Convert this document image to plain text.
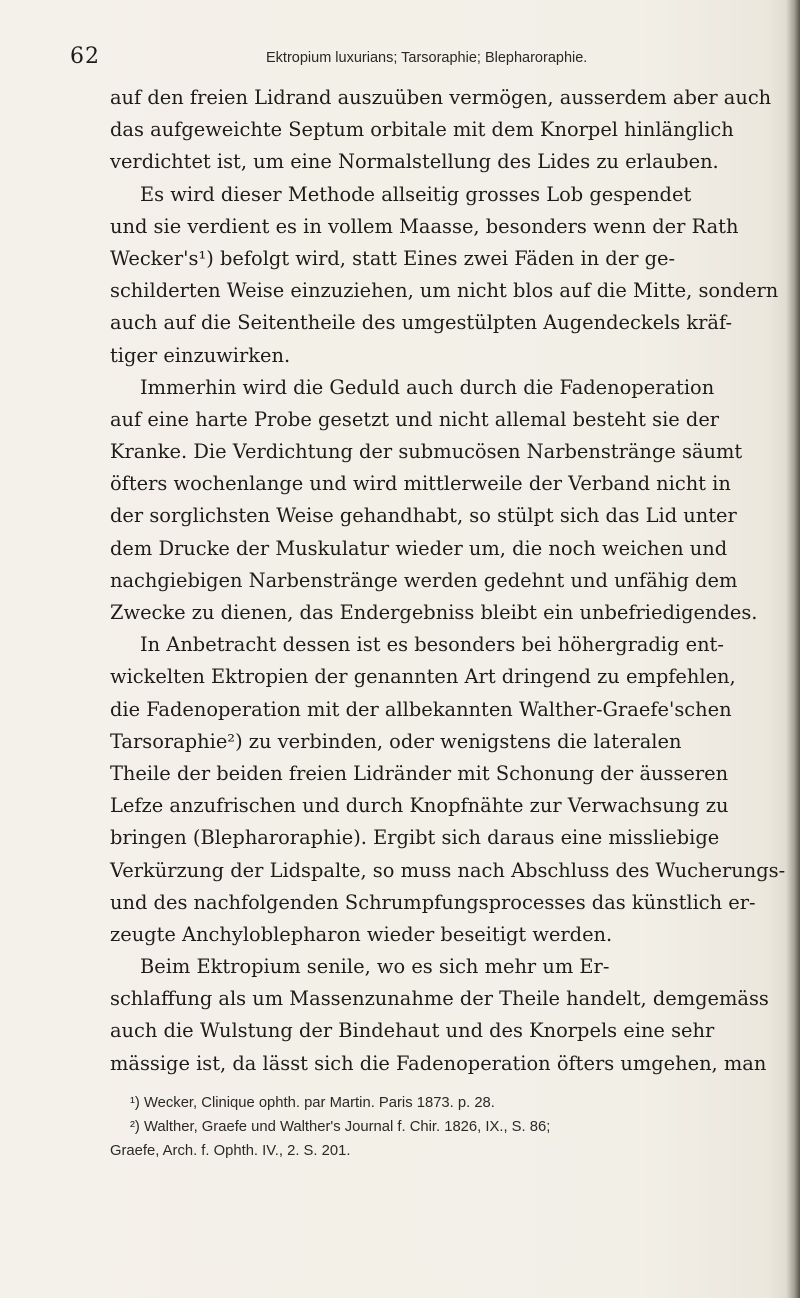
62	Ektropium luxurians; Tarsoraphie; Blepharoraphie.
auf den freien Lidrand auszuüben vermögen, ausserdem aber auch
das aufgeweichte Septum orbitale mit dem Knorpel hinlänglich
verdichtet ist, um eine Normalstellung des Lides zu erlauben.
Es wird dieser Methode allseitig grosses Lob gespendet
und sie verdient es in vollem Maasse, besonders wenn der Rath
Wecker's¹) befolgt wird, statt Eines zwei Fäden in der ge-
schilderten Weise einzuziehen, um nicht blos auf die Mitte, sondern
auch auf die Seitentheile des umgestülpten Augendeckels kräf-
tiger einzuwirken.
Immerhin wird die Geduld auch durch die Fadenoperation
auf eine harte Probe gesetzt und nicht allemal besteht sie der
Kranke. Die Verdichtung der submucösen Narbenstränge säumt
öfters wochenlange und wird mittlerweile der Verband nicht in
der sorglichsten Weise gehandhabt, so stülpt sich das Lid unter
dem Drucke der Muskulatur wieder um, die noch weichen und
nachgiebigen Narbenstränge werden gedehnt und unfähig dem
Zwecke zu dienen, das Endergebniss bleibt ein unbefriedigendes.
In Anbetracht dessen ist es besonders bei höhergradig ent-
wickelten Ektropien der genannten Art dringend zu empfehlen,
die Fadenoperation mit der allbekannten Walther-Graefe'schen
Tarsoraphie²) zu verbinden, oder wenigstens die lateralen
Theile der beiden freien Lidränder mit Schonung der äusseren
Lefze anzufrischen und durch Knopfnähte zur Verwachsung zu
bringen (Blepharoraphie). Ergibt sich daraus eine missliebige
Verkürzung der Lidspalte, so muss nach Abschluss des Wucherungs-
und des nachfolgenden Schrumpfungsprocesses das künstlich er-
zeugte Anchyloblepharon wieder beseitigt werden.
Beim Ektropium senile, wo es sich mehr um Er-
schlaffung als um Massenzunahme der Theile handelt, demgemäss
auch die Wulstung der Bindehaut und des Knorpels eine sehr
mässige ist, da lässt sich die Fadenoperation öfters umgehen, man
¹) Wecker, Clinique ophth. par Martin. Paris 1873. p. 28.
²) Walther, Graefe und Walther's Journal f. Chir. 1826, IX., S. 86;
Graefe, Arch. f. Ophth. IV., 2. S. 201.
